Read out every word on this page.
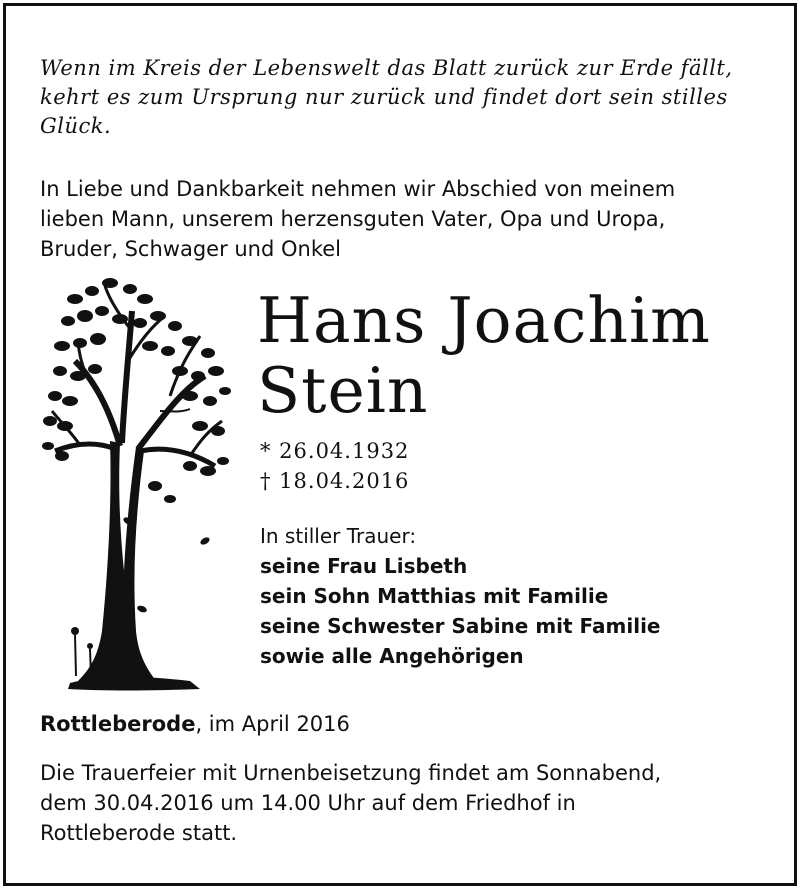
Wenn im Kreis der Lebenswelt das Blatt zurück zur Erde fällt,
kehrt es zum Ursprung nur zurück und findet dort sein stilles
Glück.
In Liebe und Dankbarkeit nehmen wir Abschied von meinem
lieben Mann, unserem herzensguten Vater, Opa und Uropa,
Bruder, Schwager und Onkel
Hans Joachim
Stein
* 26.04.1932
† 18.04.2016
In stiller Trauer:
seine Frau Lisbeth
sein Sohn Matthias mit Familie
seine Schwester Sabine mit Familie
sowie alle Angehörigen
Rottleberode, im April 2016
Die Trauerfeier mit Urnenbeisetzung findet am Sonnabend,
dem 30.04.2016 um 14.00 Uhr auf dem Friedhof in
Rottleberode statt.
